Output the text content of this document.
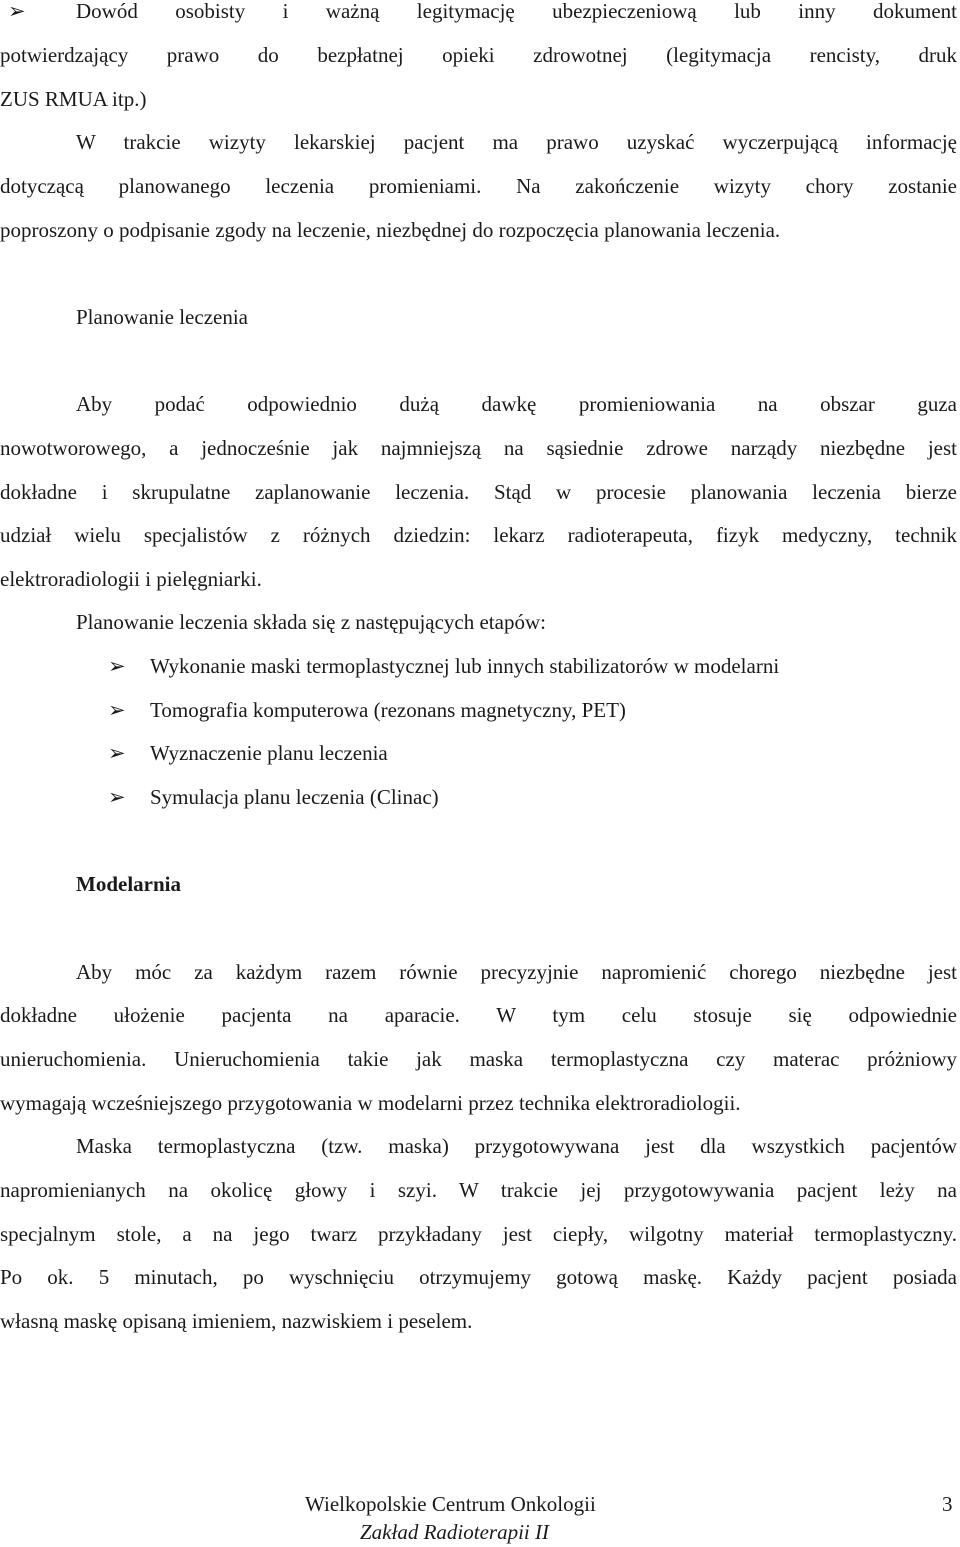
➢ Dowód osobisty i ważną legitymację ubezpieczeniową lub inny dokument
potwierdzający prawo do bezpłatnej opieki zdrowotnej (legitymacja rencisty, druk
ZUS RMUA itp.)
W trakcie wizyty lekarskiej pacjent ma prawo uzyskać wyczerpującą informację
dotyczącą planowanego leczenia promieniami. Na zakończenie wizyty chory zostanie
poproszony o podpisanie zgody na leczenie, niezbędnej do rozpoczęcia planowania leczenia.
Planowanie leczenia
Aby podać odpowiednio dużą dawkę promieniowania na obszar guza
nowotworowego, a jednocześnie jak najmniejszą na sąsiednie zdrowe narządy niezbędne jest
dokładne i skrupulatne zaplanowanie leczenia. Stąd w procesie planowania leczenia bierze
udział wielu specjalistów z różnych dziedzin: lekarz radioterapeuta, fizyk medyczny, technik
elektroradiologii i pielęgniarki.
Planowanie leczenia składa się z następujących etapów:
➢ Wykonanie maski termoplastycznej lub innych stabilizatorów w modelarni
➢ Tomografia komputerowa (rezonans magnetyczny, PET)
➢ Wyznaczenie planu leczenia
➢ Symulacja planu leczenia (Clinac)
Modelarnia
Aby móc za każdym razem równie precyzyjnie napromienić chorego niezbędne jest
dokładne ułożenie pacjenta na aparacie. W tym celu stosuje się odpowiednie
unieruchomienia. Unieruchomienia takie jak maska termoplastyczna czy materac próżniowy
wymagają wcześniejszego przygotowania w modelarni przez technika elektroradiologii.
Maska termoplastyczna (tzw. maska) przygotowywana jest dla wszystkich pacjentów
napromienianych na okolicę głowy i szyi. W trakcie jej przygotowywania pacjent leży na
specjalnym stole, a na jego twarz przykładany jest ciepły, wilgotny materiał termoplastyczny.
Po ok. 5 minutach, po wyschnięciu otrzymujemy gotową maskę. Każdy pacjent posiada
własną maskę opisaną imieniem, nazwiskiem i peselem.
Wielkopolskie Centrum Onkologii	3
Zakład Radioterapii II
